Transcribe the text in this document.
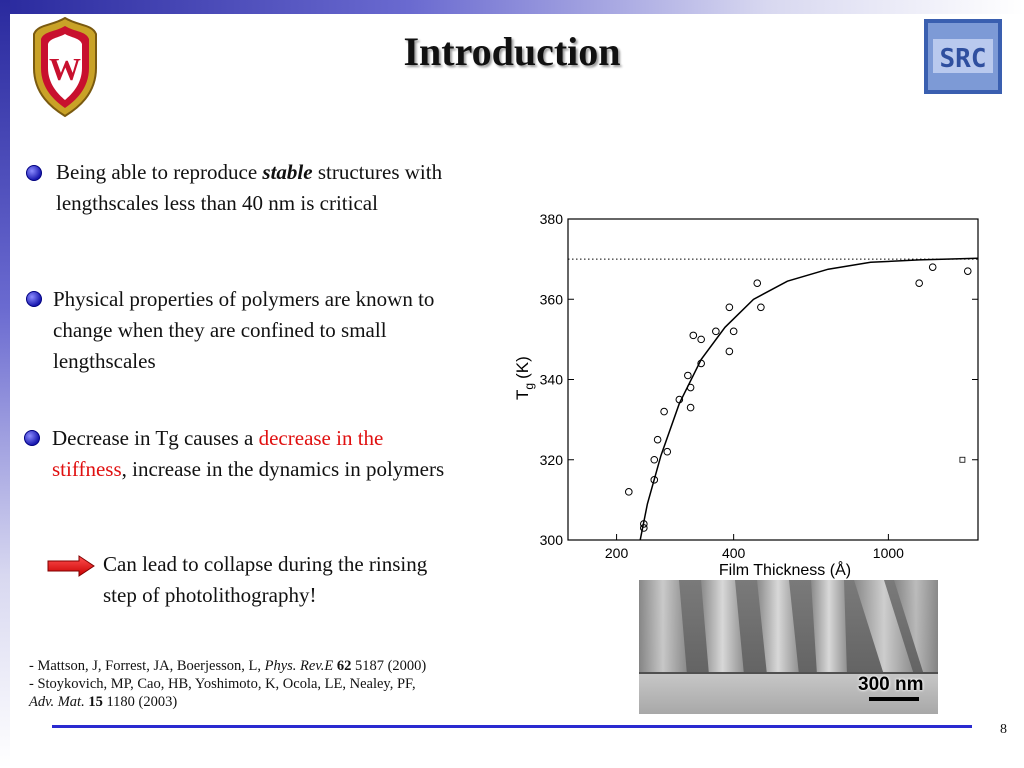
Introduction
W	SRC
Being able to reproduce stable structures with lengthscales less than 40 nm is critical
Physical properties of polymers are known to change when they are confined to small lengthscales
Decrease in Tg causes a decrease in the stiffness, increase in the dynamics in polymers
Can lead to collapse during the rinsing step of photolithography!
300
320
340
360
380
200	400	1000
Film Thickness (Å)
$T_g(K)$
300 nm
- Mattson, J, Forrest, JA, Boerjesson, L, Phys. Rev.E 62 5187 (2000)
- Stoykovich, MP, Cao, HB, Yoshimoto, K, Ocola, LE, Nealey, PF,
Adv. Mat. 15 1180 (2003)
8
